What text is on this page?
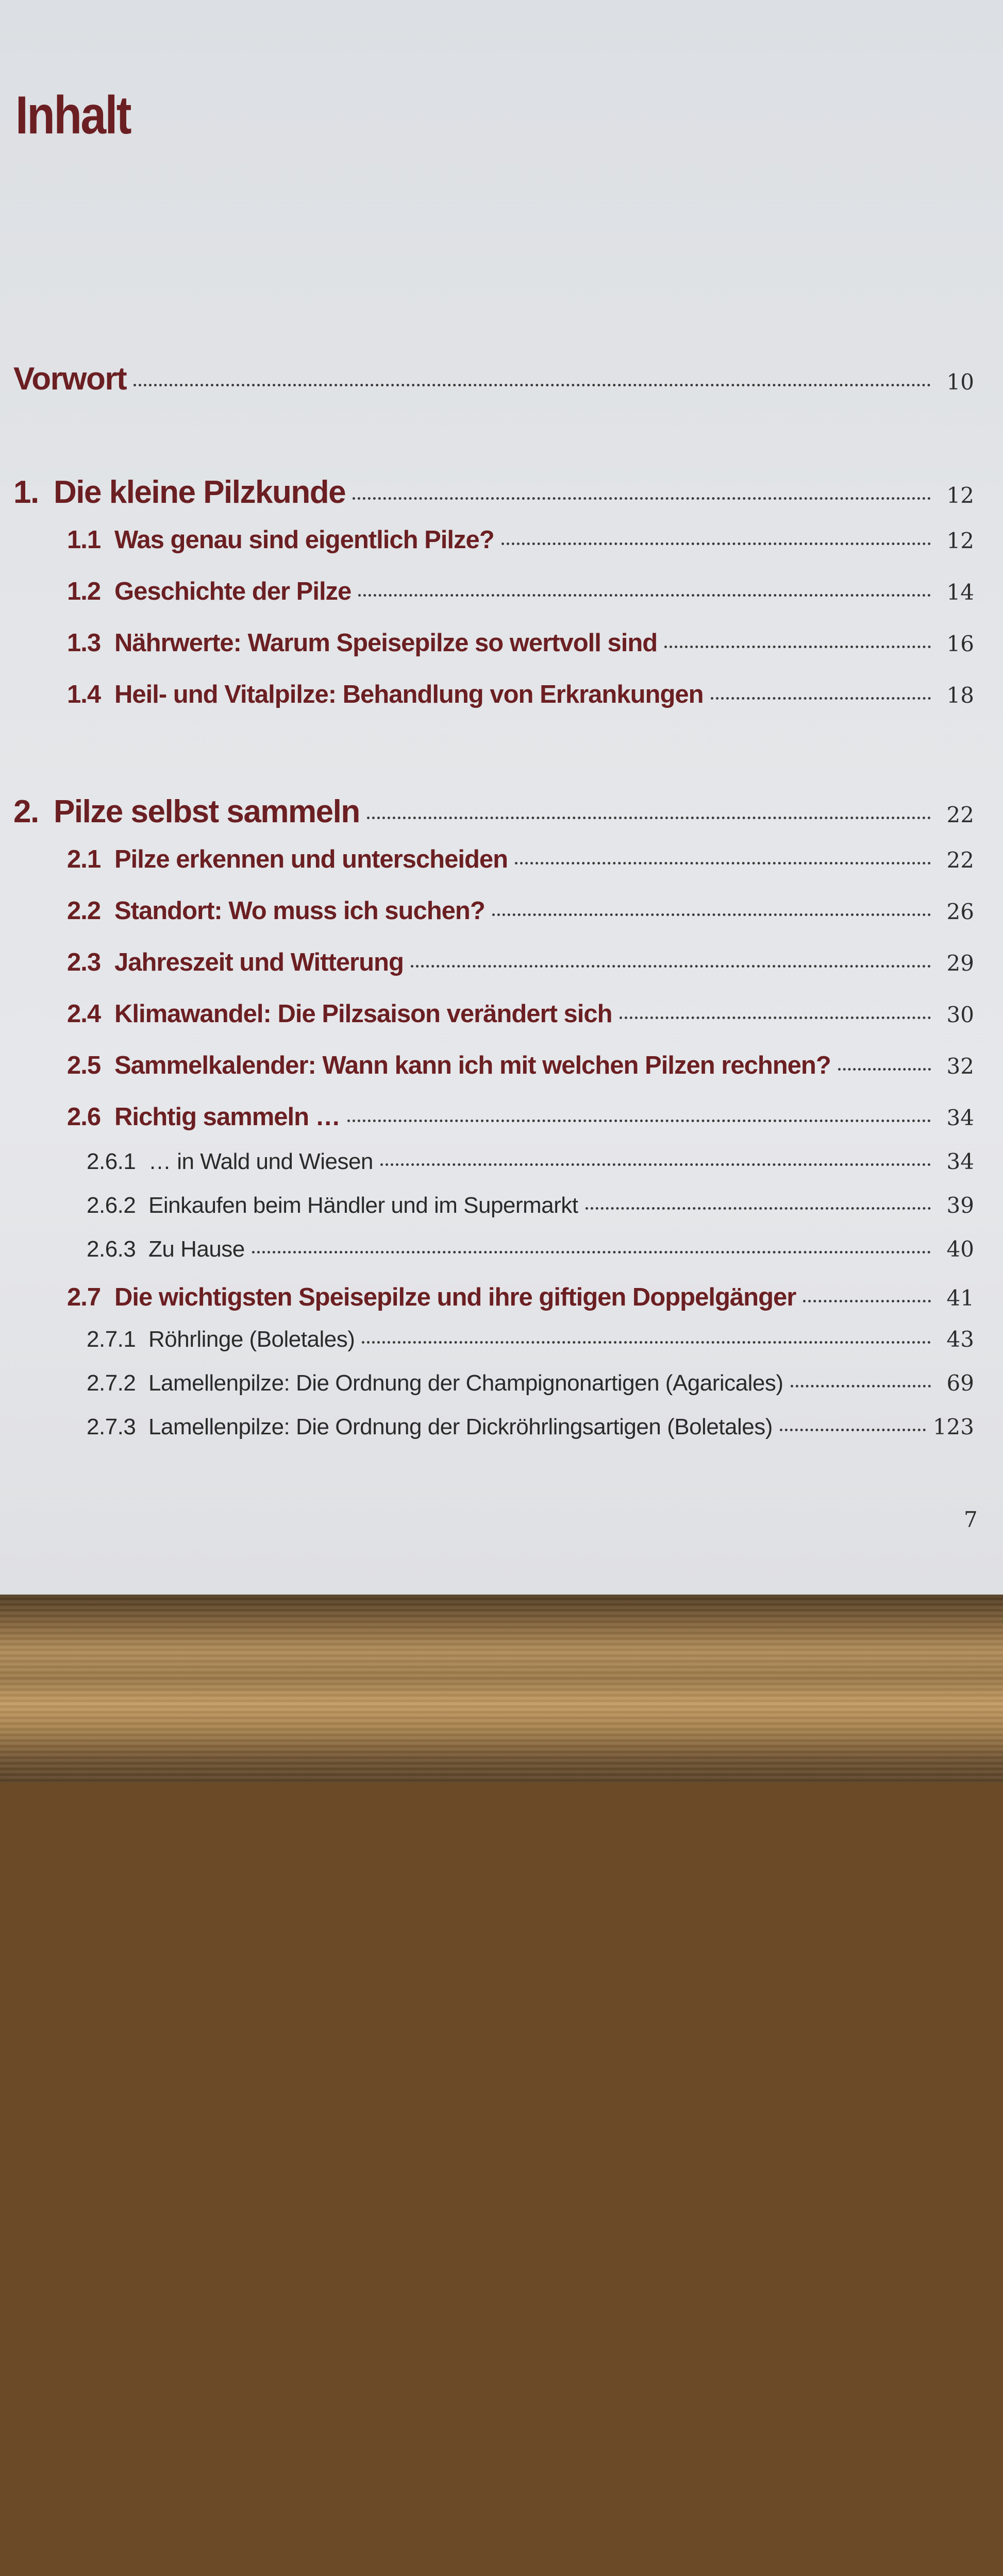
Inhalt
Vorwort	10
1. Die kleine Pilzkunde	12
1.1 Was genau sind eigentlich Pilze?	12
1.2 Geschichte der Pilze	14
1.3 Nährwerte: Warum Speisepilze so wertvoll sind	16
1.4 Heil- und Vitalpilze: Behandlung von Erkrankungen	18
2. Pilze selbst sammeln	22
2.1 Pilze erkennen und unterscheiden	22
2.2 Standort: Wo muss ich suchen?	26
2.3 Jahreszeit und Witterung	29
2.4 Klimawandel: Die Pilzsaison verändert sich	30
2.5 Sammelkalender: Wann kann ich mit welchen Pilzen rechnen?	32
2.6 Richtig sammeln …	34
2.6.1 … in Wald und Wiesen	34
2.6.2 Einkaufen beim Händler und im Supermarkt	39
2.6.3 Zu Hause	40
2.7 Die wichtigsten Speisepilze und ihre giftigen Doppelgänger	41
2.7.1 Röhrlinge (Boletales)	43
2.7.2 Lamellenpilze: Die Ordnung der Champignonartigen (Agaricales)	69
2.7.3 Lamellenpilze: Die Ordnung der Dickröhrlingsartigen (Boletales)	123
7
